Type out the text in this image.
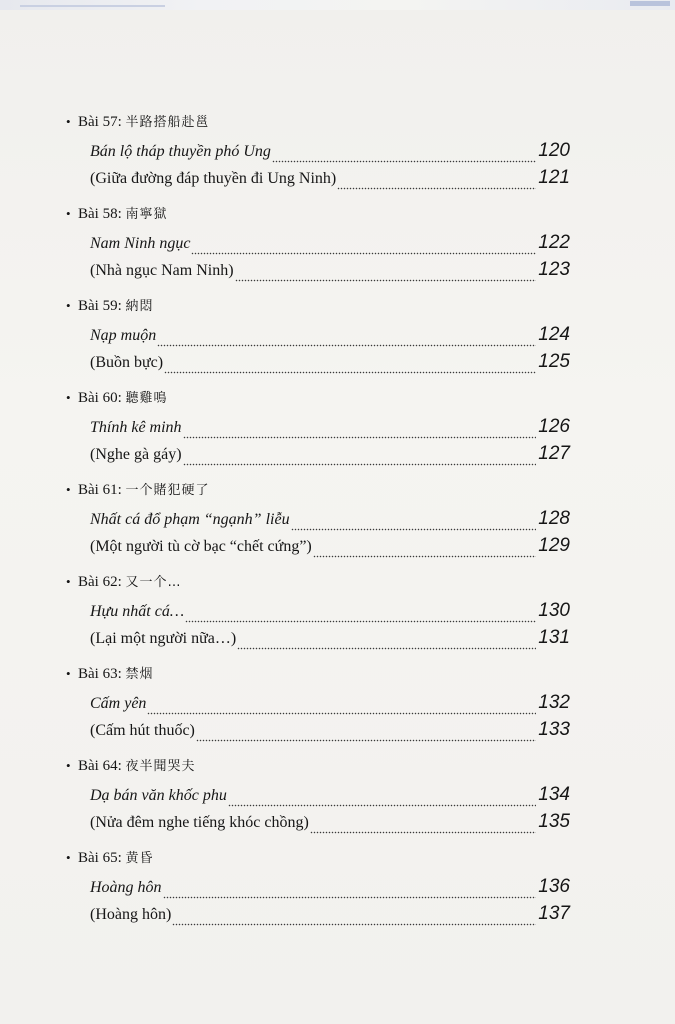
• Bài 57: 半路搭船赴邕
Bán lộ tháp thuyền phó Ung	120
(Giữa đường đáp thuyền đi Ung Ninh)	121
• Bài 58: 南寧獄
Nam Ninh ngục	122
(Nhà ngục Nam Ninh)	123
• Bài 59: 納悶
Nạp muộn	124
(Buồn bực)	125
• Bài 60: 聽雞鳴
Thính kê minh	126
(Nghe gà gáy)	127
• Bài 61: 一个賭犯硬了
Nhất cá đổ phạm “ngạnh” liễu	128
(Một người tù cờ bạc “chết cứng”)	129
• Bài 62: 又一个…
Hựu nhất cá…	130
(Lại một người nữa…)	131
• Bài 63: 禁烟
Cấm yên	132
(Cấm hút thuốc)	133
• Bài 64: 夜半聞哭夫
Dạ bán văn khốc phu	134
(Nửa đêm nghe tiếng khóc chồng)	135
• Bài 65: 黄昏
Hoàng hôn	136
(Hoàng hôn)	137
